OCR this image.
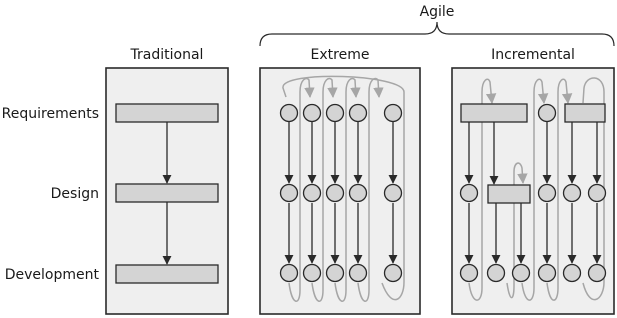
Agile
Traditional	Extreme	Incremental
Requirements
Design
Development
